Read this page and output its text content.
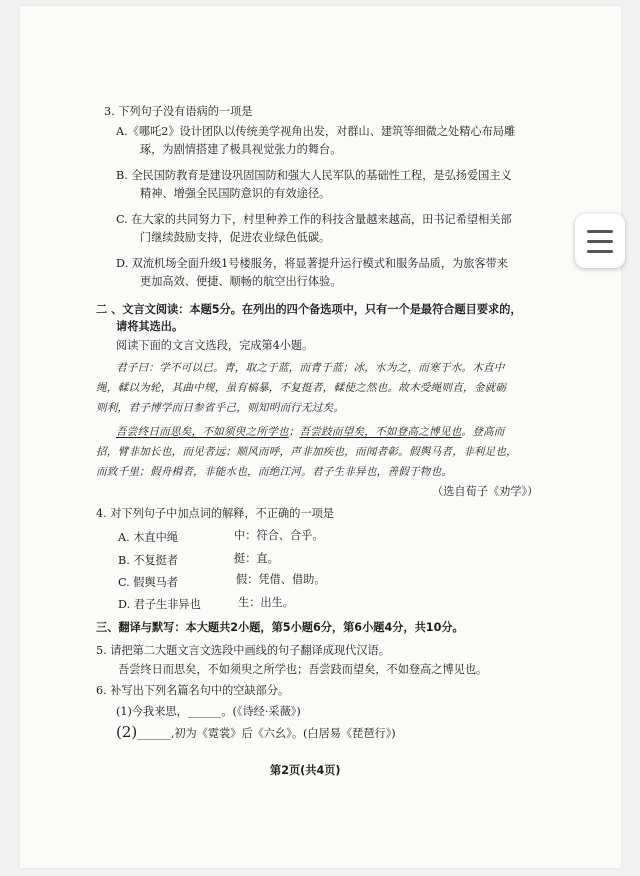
3. 下列句子没有语病的一项是
A.《哪吒2》设计团队以传统美学视角出发，对群山、建筑等细微之处精心布局雕
琢，为剧情搭建了极具视觉张力的舞台。
B. 全民国防教育是建设巩固国防和强大人民军队的基础性工程，是弘扬爱国主义
精神、增强全民国防意识的有效途径。
C. 在大家的共同努力下，村里种养工作的科技含量越来越高，田书记希望相关部
门继续鼓励支持，促进农业绿色低碳。
D. 双流机场全面升级1号楼服务，将显著提升运行模式和服务品质，为旅客带来
更加高效、便捷、顺畅的航空出行体验。
二 、文言文阅读：本题5分。在列出的四个备选项中，只有一个是最符合题目要求的，
请将其选出。
阅读下面的文言文选段，完成第4小题。
君子曰：学不可以已。青，取之于蓝，而青于蓝；冰，水为之，而寒于水。木直中
绳，輮以为轮，其曲中规，虽有槁暴，不复挺者，輮使之然也。故木受绳则直，金就砺
则利，君子博学而日参省乎己，则知明而行无过矣。
吾尝终日而思矣，不如须臾之所学也；吾尝跂而望矣，不如登高之博见也。登高而
招，臂非加长也，而见者远；顺风而呼，声非加疾也，而闻者彰。假舆马者，非利足也，
而致千里；假舟楫者，非能水也，而绝江河。君子生非异也，善假于物也。
（选自荀子《劝学》）
4. 对下列句子中加点词的解释，不正确的一项是
A. 木直中绳	中：符合、合乎。
B. 不复挺者	挺：直。
C. 假舆马者	假：凭借、借助。
D. 君子生非异也	生：出生。
三、翻译与默写：本大题共2小题，第5小题6分，第6小题4分，共10分。
5. 请把第二大题文言文选段中画线的句子翻译成现代汉语。
吾尝终日而思矣，不如须臾之所学也；吾尝跂而望矣，不如登高之博见也。
6. 补写出下列名篇名句中的空缺部分。
(1)今我来思，______。(《诗经·采薇》)
(2)______,初为《霓裳》后《六幺》。(白居易《琵琶行》)
第2页(共4页)
